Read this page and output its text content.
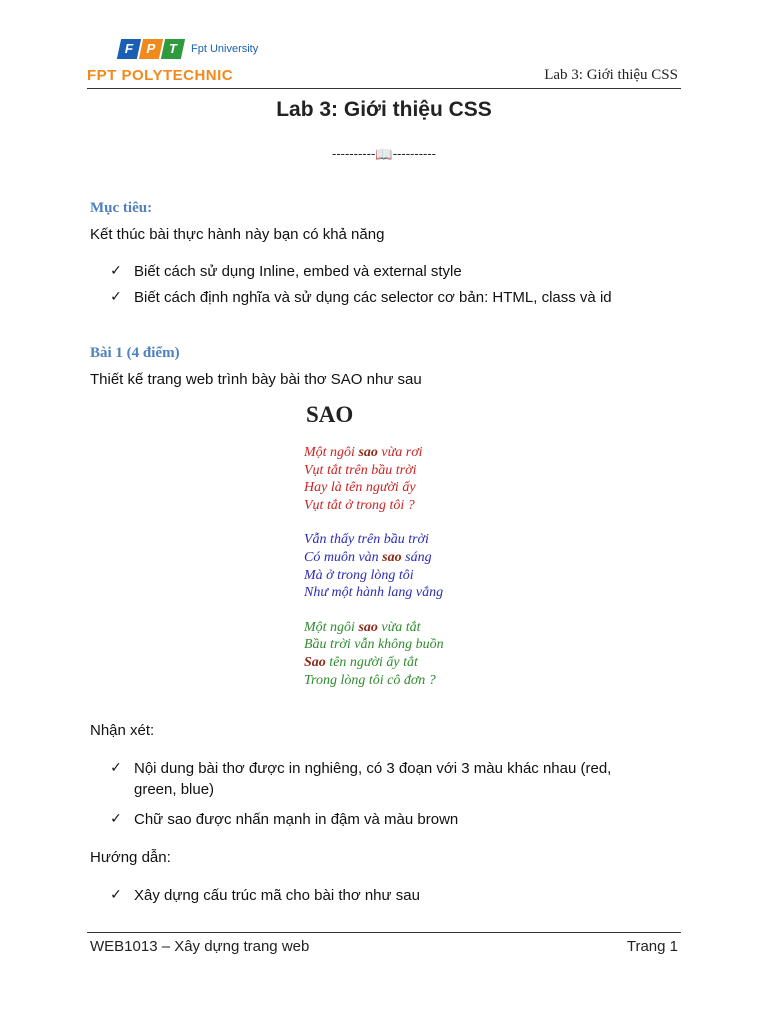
F P T	Fpt University
FPT POLYTECHNIC	Lab 3: Giới thiệu CSS
Lab 3: Giới thiệu CSS
----------📖----------
Mục tiêu:
Kết thúc bài thực hành này bạn có khả năng
✓ Biết cách sử dụng Inline, embed và external style
✓ Biết cách định nghĩa và sử dụng các selector cơ bản: HTML, class và id
Bài 1 (4 điểm)
Thiết kế trang web trình bày bài thơ SAO như sau
SAO
Một ngôi sao vừa rơi
Vụt tắt trên bầu trời
Hay là tên người ấy
Vụt tắt ở trong tôi ?
Vẫn thấy trên bầu trời
Có muôn vàn sao sáng
Mà ở trong lòng tôi
Như một hành lang vắng
Một ngôi sao vừa tắt
Bầu trời vẫn không buồn
Sao tên người ấy tắt
Trong lòng tôi cô đơn ?
Nhận xét:
✓ Nội dung bài thơ được in nghiêng, có 3 đoạn với 3 màu khác nhau (red,
green, blue)
✓ Chữ sao được nhấn mạnh in đậm và màu brown
Hướng dẫn:
✓ Xây dựng cấu trúc mã cho bài thơ như sau
WEB1013 – Xây dựng trang web	Trang 1
